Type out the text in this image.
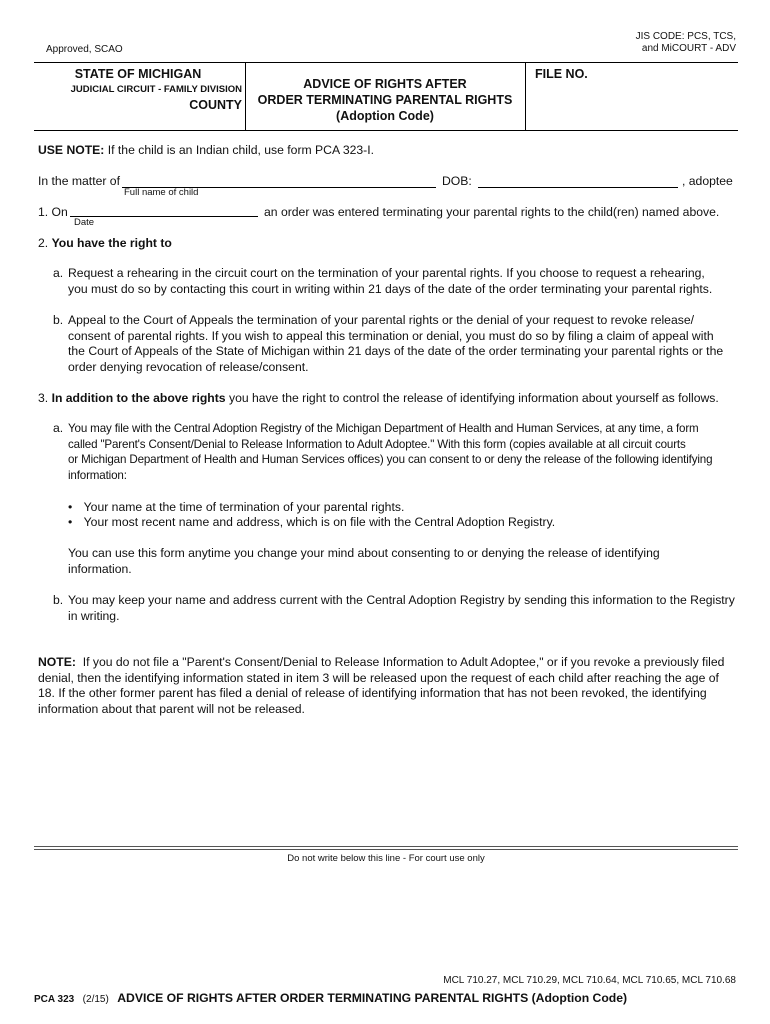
Approved, SCAO
JIS CODE: PCS, TCS,
and MiCOURT - ADV
STATE OF MICHIGAN
JUDICIAL CIRCUIT - FAMILY DIVISION
COUNTY
ADVICE OF RIGHTS AFTER
ORDER TERMINATING PARENTAL RIGHTS
(Adoption Code)
FILE NO.
USE NOTE: If the child is an Indian child, use form PCA 323-I.
In the matter of
Full name of child
DOB:	, adoptee
1. On
Date
an order was entered terminating your parental rights to the child(ren) named above.
2. You have the right to
a. Request a rehearing in the circuit court on the termination of your parental rights. If you choose to request a rehearing,
you must do so by contacting this court in writing within 21 days of the date of the order terminating your parental rights.
b. Appeal to the Court of Appeals the termination of your parental rights or the denial of your request to revoke release/
consent of parental rights. If you wish to appeal this termination or denial, you must do so by filing a claim of appeal with
the Court of Appeals of the State of Michigan within 21 days of the date of the order terminating your parental rights or the
order denying revocation of release/consent.
3. In addition to the above rights you have the right to control the release of identifying information about yourself as follows.
a. You may file with the Central Adoption Registry of the Michigan Department of Health and Human Services, at any time, a form
called "Parent's Consent/Denial to Release Information to Adult Adoptee." With this form (copies available at all circuit courts
or Michigan Department of Health and Human Services offices) you can consent to or deny the release of the following identifying
information:
• Your name at the time of termination of your parental rights.
• Your most recent name and address, which is on file with the Central Adoption Registry.
You can use this form anytime you change your mind about consenting to or denying the release of identifying
information.
b. You may keep your name and address current with the Central Adoption Registry by sending this information to the Registry
in writing.
NOTE: If you do not file a "Parent's Consent/Denial to Release Information to Adult Adoptee," or if you revoke a previously filed
denial, then the identifying information stated in item 3 will be released upon the request of each child after reaching the age of
18. If the other former parent has filed a denial of release of identifying information that has not been revoked, the identifying
information about that parent will not be released.
Do not write below this line - For court use only
MCL 710.27, MCL 710.29, MCL 710.64, MCL 710.65, MCL 710.68
PCA 323 (2/15) ADVICE OF RIGHTS AFTER ORDER TERMINATING PARENTAL RIGHTS (Adoption Code)
